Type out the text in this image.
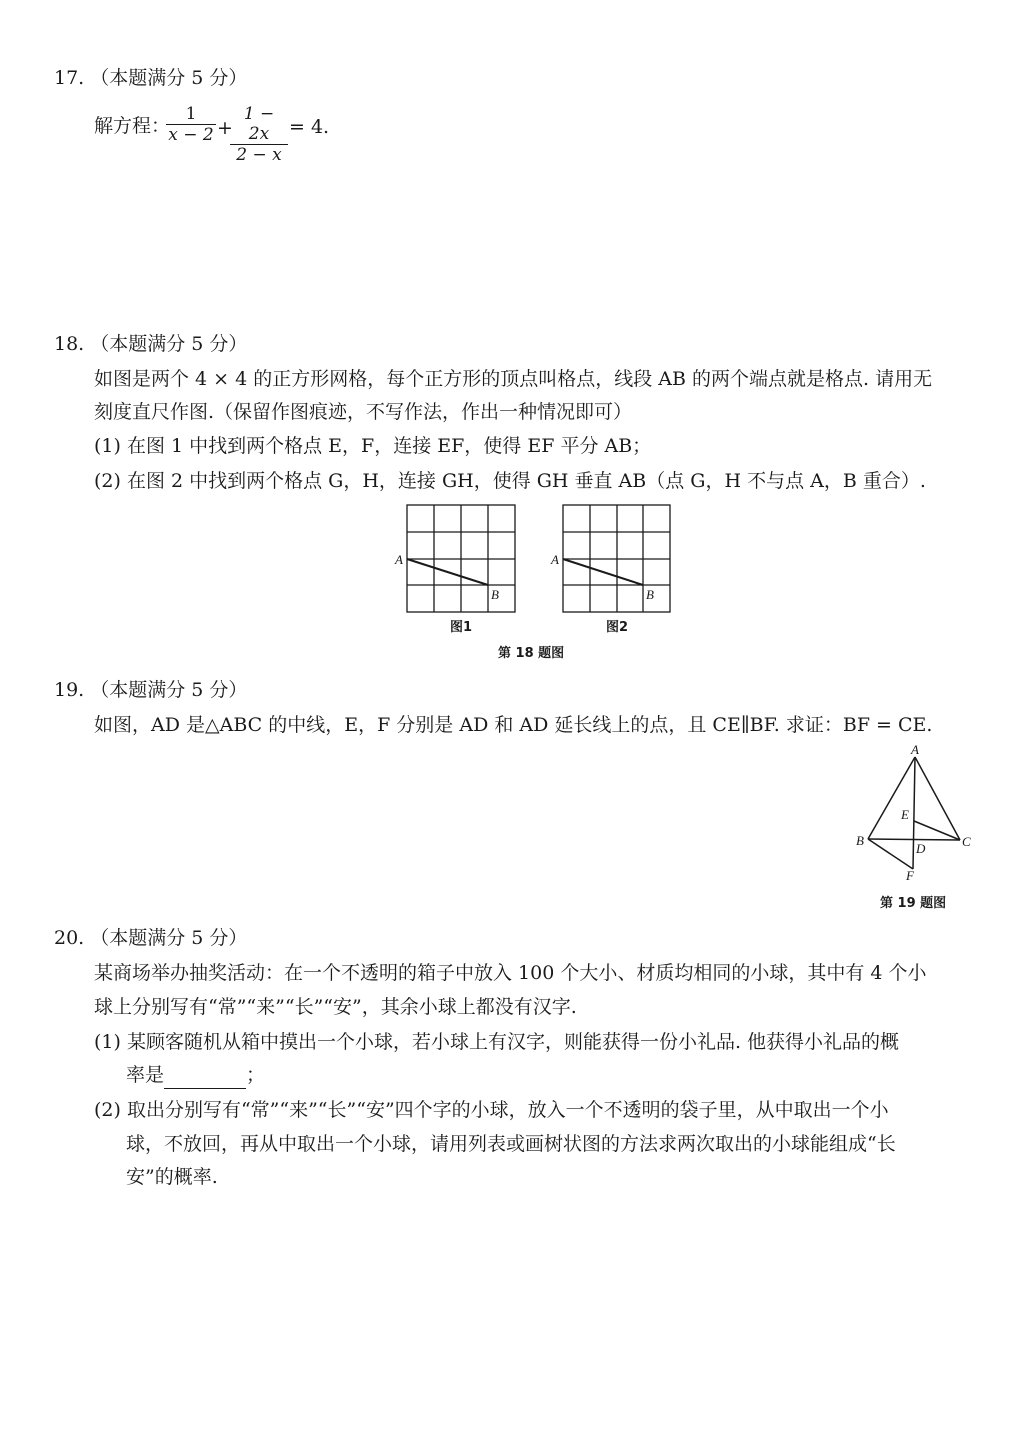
17. （本题满分 5 分）
解方程：
$\frac{1}{x - 2}$ +
$\frac{1 - 2x}{2 - x} = 4$.
18. （本题满分 5 分）
如图是两个 4 × 4 的正方形网格，每个正方形的顶点叫格点，线段 AB 的两个端点就是格点. 请用无
刻度直尺作图.（保留作图痕迹，不写作法，作出一种情况即可）
(1) 在图 1 中找到两个格点 E，F，连接 EF，使得 EF 平分 AB；
(2) 在图 2 中找到两个格点 G，H，连接 GH，使得 GH 垂直 AB（点 G，H 不与点 A，B 重合）.
A
B
图1
A
B
图2
第 18 题图
19. （本题满分 5 分）
如图，AD 是△ABC 的中线，E，F 分别是 AD 和 AD 延长线上的点，且 CE∥BF. 求证：BF = CE.
A
B	C
D
E
F
第 19 题图
20. （本题满分 5 分）
某商场举办抽奖活动：在一个不透明的箱子中放入 100 个大小、材质均相同的小球，其中有 4 个小
球上分别写有“常”“来”“长”“安”，其余小球上都没有汉字.
(1) 某顾客随机从箱中摸出一个小球，若小球上有汉字，则能获得一份小礼品. 他获得小礼品的概
率是	；
(2) 取出分别写有“常”“来”“长”“安”四个字的小球，放入一个不透明的袋子里，从中取出一个小
球，不放回，再从中取出一个小球，请用列表或画树状图的方法求两次取出的小球能组成“长
安”的概率.
